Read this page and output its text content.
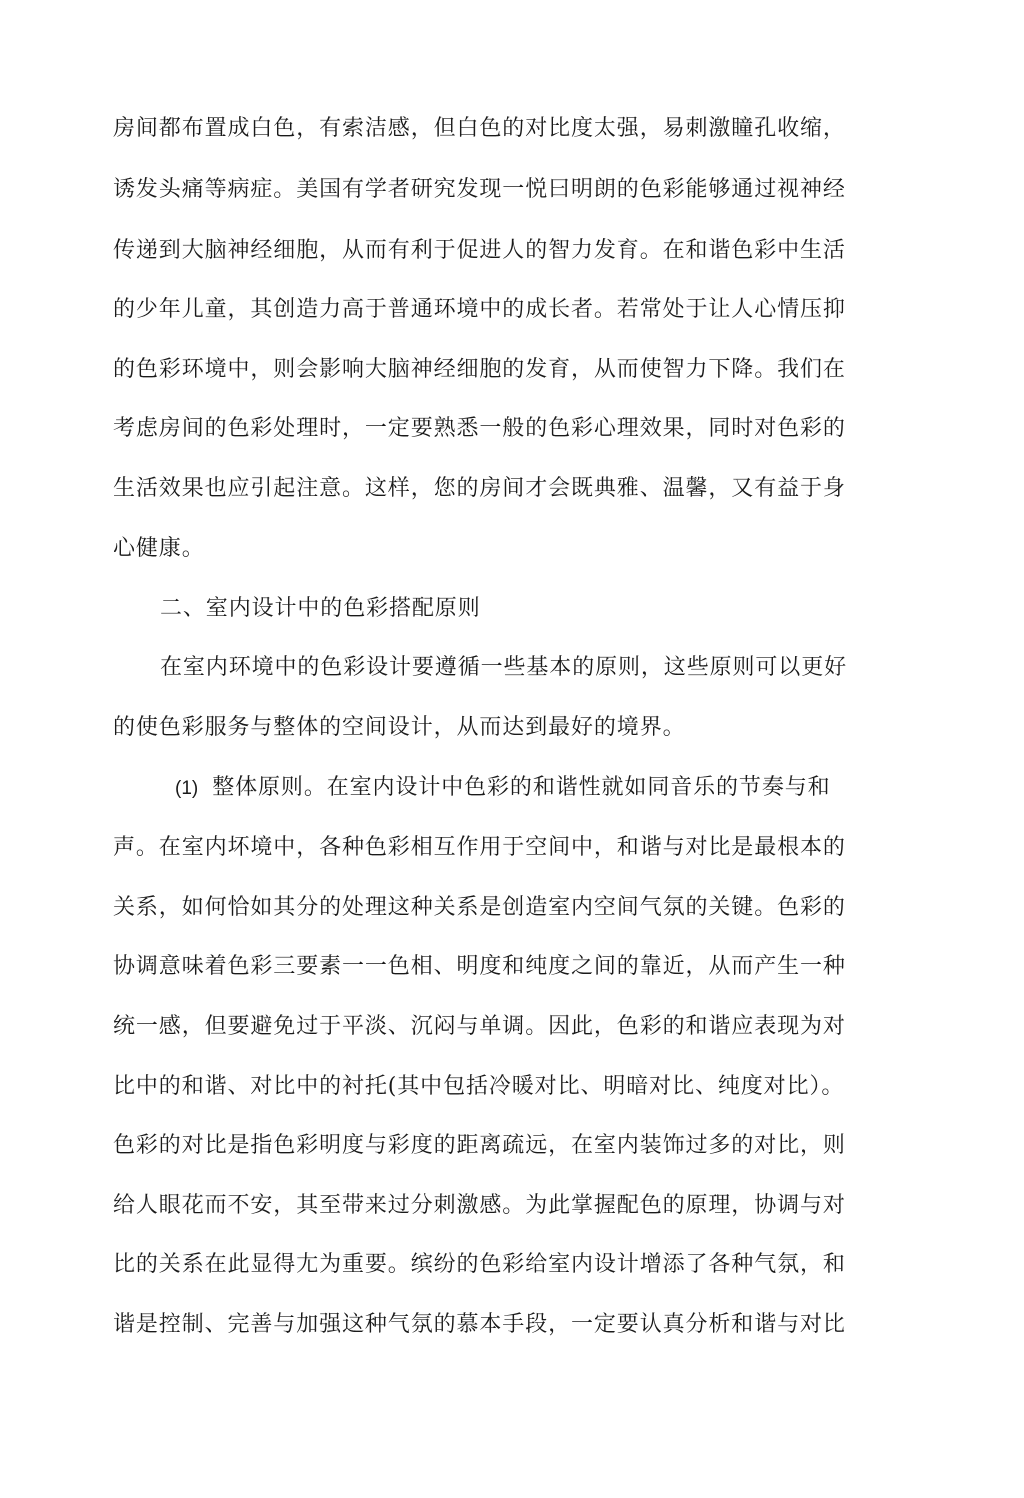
房间都布置成白色，有索洁感，但白色的对比度太强，易刺激瞳孔收缩，
诱发头痛等病症。美国有学者研究发现一悦曰明朗的色彩能够通过视神经
传递到大脑神经细胞，从而有利于促进人的智力发育。在和谐色彩中生活
的少年儿童，其创造力高于普通环境中的成长者。若常处于让人心情压抑
的色彩环境中，则会影响大脑神经细胞的发育，从而使智力下降。我们在
考虑房间的色彩处理时，一定要熟悉一般的色彩心理效果，同时对色彩的
生活效果也应引起注意。这样，您的房间才会既典雅、温馨，又有益于身
心健康。
二、室内设计中的色彩搭配原则
在室内环境中的色彩设计要遵循一些基本的原则，这些原则可以更好
的使色彩服务与整体的空间设计，从而达到最好的境界。
(1) 整体原则。在室内设计中色彩的和谐性就如同音乐的节奏与和
声。在室内坏境中，各种色彩相互作用于空间中，和谐与对比是最根本的
关系，如何恰如其分的处理这种关系是创造室内空间气氛的关键。色彩的
协调意味着色彩三要素一一色相、明度和纯度之间的靠近，从而产生一种
统一感，但要避免过于平淡、沉闷与单调。因此，色彩的和谐应表现为对
比中的和谐、对比中的衬托(其中包括冷暖对比、明暗对比、纯度对比）。
色彩的对比是指色彩明度与彩度的距离疏远，在室内装饰过多的对比，则
给人眼花而不安，其至带来过分刺激感。为此掌握配色的原理，协调与对
比的关系在此显得尢为重要。缤纷的色彩给室内设计增添了各种气氛，和
谐是控制、完善与加强这种气氛的慕本手段，一定要认真分析和谐与对比
